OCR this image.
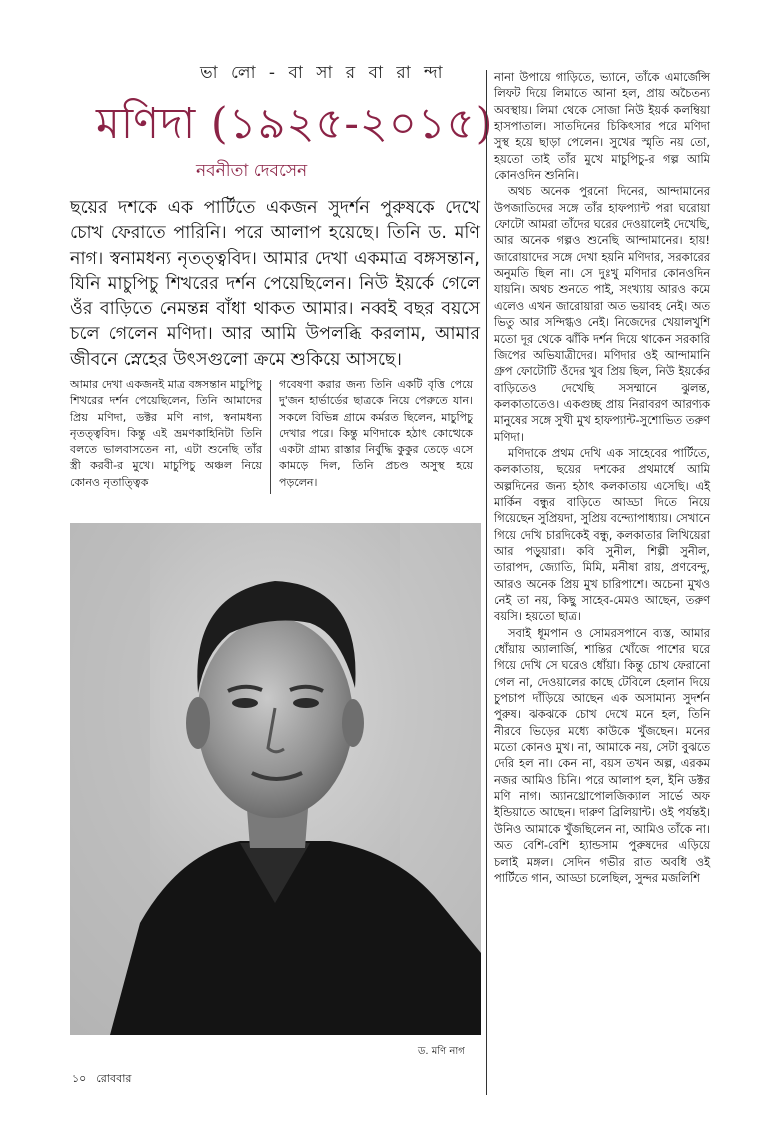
ভা লো - বা সা র বা রা ন্দা
মণিদা (১৯২৫-২০১৫)
নবনীতা দেবসেন
ছয়ের দশকে এক পার্টিতে একজন সুদর্শন পুরুষকে দেখে চোখ ফেরাতে পারিনি। পরে আলাপ হয়েছে। তিনি ড. মণি নাগ। স্বনামধন্য নৃতত্ত্ববিদ। আমার দেখা একমাত্র বঙ্গসন্তান, যিনি মাচুপিচু শিখরের দর্শন পেয়েছিলেন। নিউ ইয়র্কে গেলে ওঁর বাড়িতে নেমন্তন্ন বাঁধা থাকত আমার। নব্বই বছর বয়সে চলে গেলেন মণিদা। আর আমি উপলব্ধি করলাম, আমার জীবনে স্নেহের উৎসগুলো ক্রমে শুকিয়ে আসছে।

আমার দেখা একজনই মাত্র বঙ্গসন্তান মাচুপিচু শিখরের দর্শন পেয়েছিলেন, তিনি আমাদের প্রিয় মণিদা, ডক্টর মণি নাগ, স্বনামধন্য নৃতত্ত্ববিদ। কিন্তু এই ভ্রমণকাহিনিটা তিনি বলতে ভালবাসতেন না, এটা শুনেছি তাঁর স্ত্রী করবী-র মুখে। মাচুপিচু অঞ্চল নিয়ে কোনও নৃতাত্ত্বিক

গবেষণা করার জন্য তিনি একটি বৃত্তি পেয়ে দু'জন হার্ভার্ডের ছাত্রকে নিয়ে পেরুতে যান। সকলে বিভিন্ন গ্রামে কর্মরত ছিলেন, মাচুপিচু দেখার পরে। কিন্তু মণিদাকে হঠাৎ কোত্থেকে একটা গ্রাম্য রাস্তার নির্বুদ্ধি কুকুর তেড়ে এসে কামড়ে দিল, তিনি প্রচণ্ড অসুস্থ হয়ে পড়লেন।

ড. মণি নাগ

নানা উপায়ে গাড়িতে, ভ্যানে, তাঁকে এমার্জেন্সি লিফট দিয়ে লিমাতে আনা হল, প্রায় অচৈতন্য অবস্থায়। লিমা থেকে সোজা নিউ ইয়র্ক কলম্বিয়া হাসপাতাল। সাতদিনের চিকিৎসার পরে মণিদা সুস্থ হয়ে ছাড়া পেলেন। সুখের স্মৃতি নয় তো, হয়তো তাই তাঁর মুখে মাচুপিচু-র গল্প আমি কোনওদিন শুনিনি।

অথচ অনেক পুরনো দিনের, আন্দামানের উপজাতিদের সঙ্গে তাঁর হাফপ্যান্ট পরা ঘরোয়া ফোটো আমরা তাঁদের ঘরের দেওয়ালেই দেখেছি, আর অনেক গল্পও শুনেছি আন্দামানের। হায়! জারোয়াদের সঙ্গে দেখা হয়নি মণিদার, সরকারের অনুমতি ছিল না। সে দুঃখু মণিদার কোনওদিন যায়নি। অথচ শুনতে পাই, সংখ্যায় আরও কমে এলেও এখন জারোয়ারা অত ভয়াবহ নেই। অত ভিতু আর সন্দিগ্ধও নেই। নিজেদের খেয়ালখুশি মতো দূর থেকে ঝাঁকি দর্শন দিয়ে থাকেন সরকারি জিপের অভিযাত্রীদের। মণিদার ওই আন্দামানি গ্রুপ ফোটোটি ওঁদের খুব প্রিয় ছিল, নিউ ইয়র্কের বাড়িতেও দেখেছি সসম্মানে ঝুলন্ত, কলকাতাতেও। একগুচ্ছ প্রায় নিরাবরণ আরণ্যক মানুষের সঙ্গে সুখী মুখ হাফপ্যান্ট-সুশোভিত তরুণ মণিদা।

মণিদাকে প্রথম দেখি এক সাহেবের পার্টিতে, কলকাতায়, ছয়ের দশকের প্রথমার্ধে আমি অল্পদিনের জন্য হঠাৎ কলকাতায় এসেছি। এই মার্কিন বন্ধুর বাড়িতে আড্ডা দিতে নিয়ে গিয়েছেন সুপ্রিয়দা, সুপ্রিয় বন্দ্যোপাধ্যায়। সেখানে গিয়ে দেখি চারদিকেই বন্ধু, কলকাতার লিখিয়েরা আর পড়ুয়ারা। কবি সুনীল, শিল্পী সুনীল, তারাপদ, জ্যোতি, মিমি, মনীষা রায়, প্রণবেন্দু, আরও অনেক প্রিয় মুখ চারিপাশে। অচেনা মুখও নেই তা নয়, কিছু সাহেব-মেমও আছেন, তরুণ বয়সি। হয়তো ছাত্র।

সবাই ধূমপান ও সোমরসপানে ব্যস্ত, আমার ধোঁয়ায় অ্যালার্জি, শান্তির খোঁজে পাশের ঘরে গিয়ে দেখি সে ঘরেও ধোঁয়া। কিন্তু চোখ ফেরানো গেল না, দেওয়ালের কাছে টেবিলে হেলান দিয়ে চুপচাপ দাঁড়িয়ে আছেন এক অসামান্য সুদর্শন পুরুষ। ঝকঝকে চোখ দেখে মনে হল, তিনি নীরবে ভিড়ের মধ্যে কাউকে খুঁজছেন। মনের মতো কোনও মুখ। না, আমাকে নয়, সেটা বুঝতে দেরি হল না। কেন না, বয়স তখন অল্প, এরকম নজর আমিও চিনি। পরে আলাপ হল, ইনি ডক্টর মণি নাগ। অ্যানথ্রোপোলজিক্যাল সার্ভে অফ ইন্ডিয়াতে আছেন। দারুণ ব্রিলিয়ান্ট। ওই পর্যন্তই। উনিও আমাকে খুঁজছিলেন না, আমিও তাঁকে না। অত বেশি-বেশি হ্যান্ডসাম পুরুষদের এড়িয়ে চলাই মঙ্গল। সেদিন গভীর রাত অবধি ওই পার্টিতে গান, আড্ডা চলেছিল, সুন্দর মজলিশি

১০ রোববার
